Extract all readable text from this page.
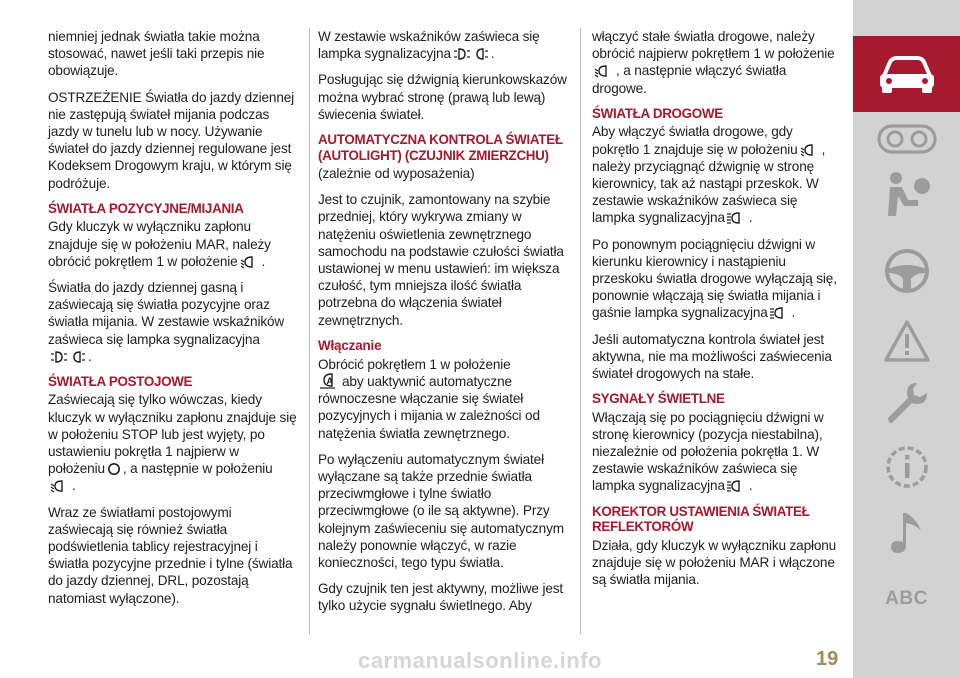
niemniej jednak światła takie można stosować, nawet jeśli taki przepis nie obowiązuje.

OSTRZEŻENIE Światła do jazdy dziennej nie zastępują świateł mijania podczas jazdy w tunelu lub w nocy. Używanie świateł do jazdy dziennej regulowane jest Kodeksem Drogowym kraju, w którym się podróżuje.

ŚWIATŁA POZYCYJNE/MIJANIA

Gdy kluczyk w wyłączniku zapłonu znajduje się w położeniu MAR, należy obrócić pokrętłem 1 w położenie .

Światła do jazdy dziennej gasną i zaświecają się światła pozycyjne oraz światła mijania. W zestawie wskaźników zaświeca się lampka sygnalizacyjna
.

ŚWIATŁA POSTOJOWE

Zaświecają się tylko wówczas, kiedy kluczyk w wyłączniku zapłonu znajduje się w położeniu STOP lub jest wyjęty, po ustawieniu pokrętła 1 najpierw w położeniu , a następnie w położeniu
.

Wraz ze światłami postojowymi zaświecają się również światła podświetlenia tablicy rejestracyjnej i światła pozycyjne przednie i tylne (światła do jazdy dziennej, DRL, pozostają natomiast wyłączone).

W zestawie wskaźników zaświeca się lampka sygnalizacyjna	.

Posługując się dźwignią kierunkowskazów można wybrać stronę (prawą lub lewą) świecenia świateł.

AUTOMATYCZNA KONTROLA ŚWIATEŁ (AUTOLIGHT) (CZUJNIK ZMIERZCHU)

(zależnie od wyposażenia)

Jest to czujnik, zamontowany na szybie przedniej, który wykrywa zmiany w natężeniu oświetlenia zewnętrznego samochodu na podstawie czułości światła ustawionej w menu ustawień: im większa czułość, tym mniejsza ilość światła potrzebna do włączenia świateł zewnętrznych.

Włączanie

Obrócić pokrętłem 1 w położenie

A aby uaktywnić automatyczne równoczesne włączanie się świateł pozycyjnych i mijania w zależności od natężenia światła zewnętrznego.

Po wyłączeniu automatycznym świateł wyłączane są także przednie światła przeciwmgłowe i tylne światło przeciwmgłowe (o ile są aktywne). Przy kolejnym zaświeceniu się automatycznym należy ponownie włączyć, w razie konieczności, tego typu światła.

Gdy czujnik ten jest aktywny, możliwe jest tylko użycie sygnału świetlnego. Aby

włączyć stałe światła drogowe, należy obrócić najpierw pokrętłem 1 w położenie, a następnie włączyć światła drogowe.

ŚWIATŁA DROGOWE

Aby włączyć światła drogowe, gdy pokrętło 1 znajduje się w położeniu , należy przyciągnąć dźwignię w stronę kierownicy, tak aż nastąpi przeskok. W zestawie wskaźników zaświeca się lampka sygnalizacyjna .

Po ponownym pociągnięciu dźwigni w kierunku kierownicy i nastąpieniu przeskoku światła drogowe wyłączają się, ponownie włączają się światła mijania i gaśnie lampka sygnalizacyjna .

Jeśli automatyczna kontrola świateł jest aktywna, nie ma możliwości zaświecenia świateł drogowych na stałe.

SYGNAŁY ŚWIETLNE

Włączają się po pociągnięciu dźwigni w stronę kierownicy (pozycja niestabilna), niezależnie od położenia pokrętła 1. W zestawie wskaźników zaświeca się lampka sygnalizacyjna .

KOREKTOR USTAWIENIA ŚWIATEŁ REFLEKTORÓW

Działa, gdy kluczyk w wyłączniku zapłonu znajduje się w położeniu MAR i włączone są światła mijania.

ABC
carmanualsonline.info	19
